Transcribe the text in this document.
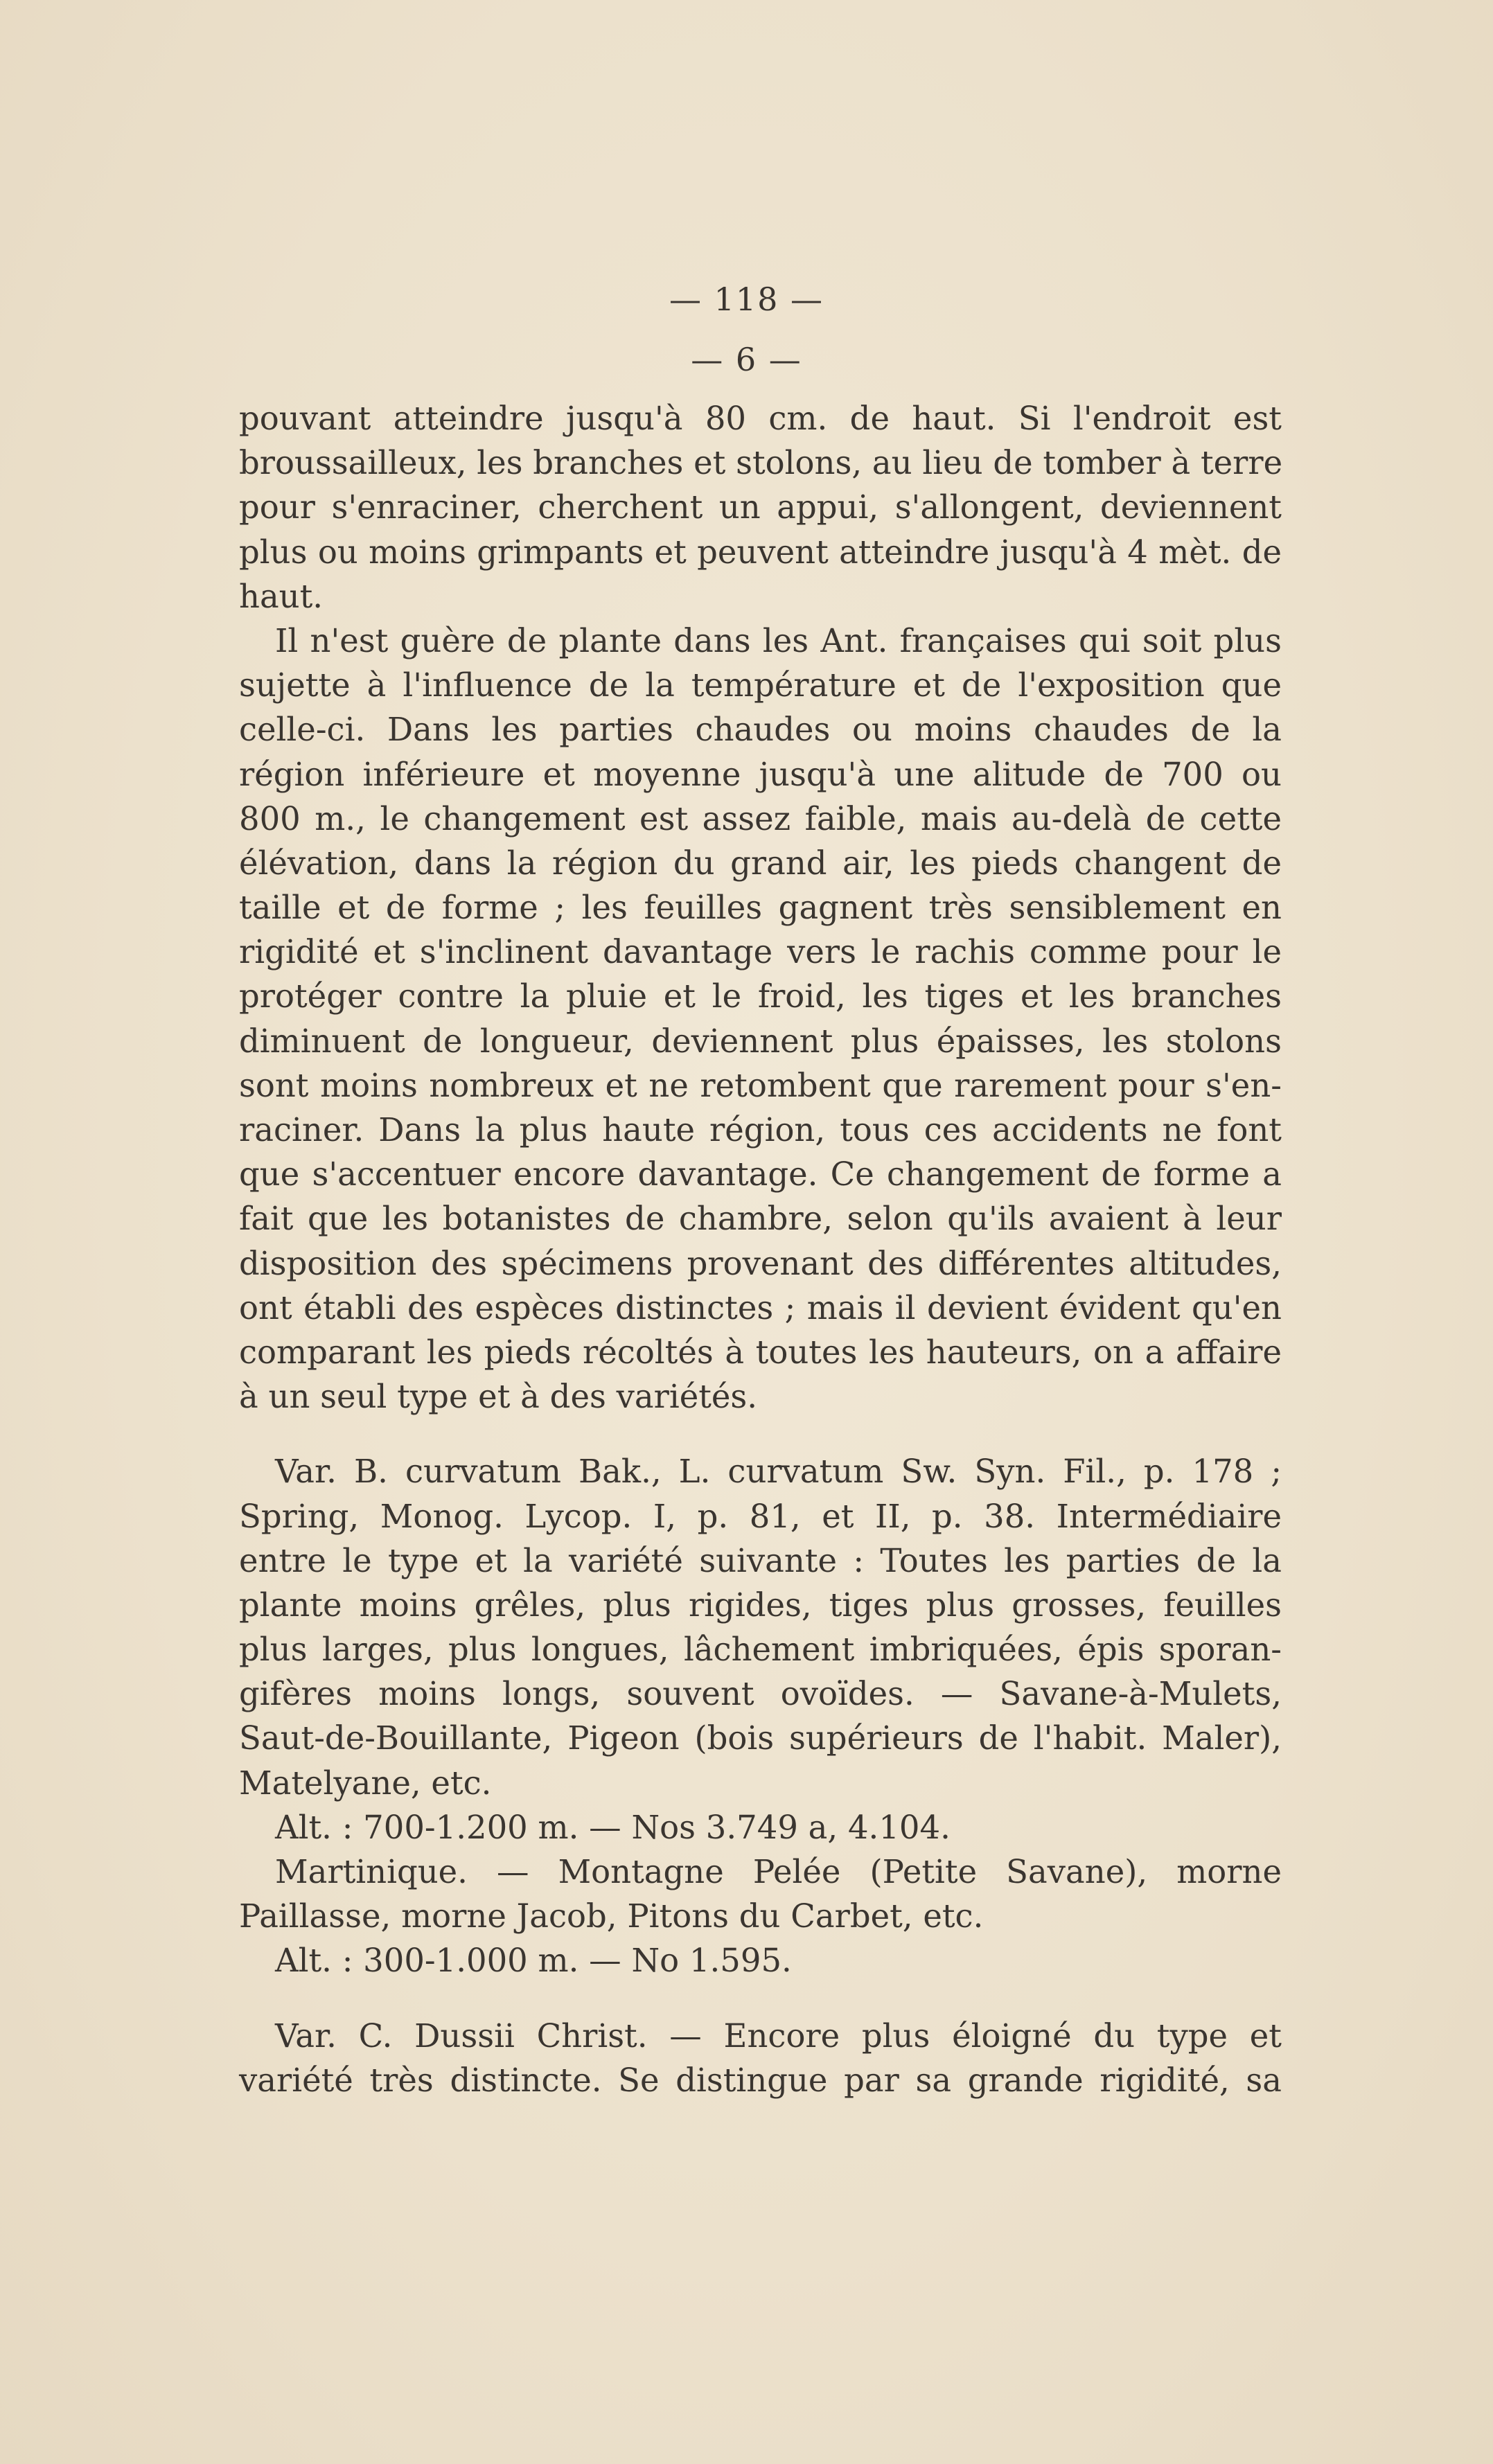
— 118 —
— 6 —
pouvant atteindre jusqu'à 80 cm. de haut. Si l'endroit est
broussailleux, les branches et stolons, au lieu de tomber à terre
pour s'enraciner, cherchent un appui, s'allongent, deviennent
plus ou moins grimpants et peuvent atteindre jusqu'à 4 mèt. de
haut.
Il n'est guère de plante dans les Ant. françaises qui soit plus
sujette à l'influence de la température et de l'exposition que
celle-ci. Dans les parties chaudes ou moins chaudes de la
région inférieure et moyenne jusqu'à une alitude de 700 ou
800 m., le changement est assez faible, mais au-delà de cette
élévation, dans la région du grand air, les pieds changent de
taille et de forme ; les feuilles gagnent très sensiblement en
rigidité et s'inclinent davantage vers le rachis comme pour le
protéger contre la pluie et le froid, les tiges et les branches
diminuent de longueur, deviennent plus épaisses, les stolons
sont moins nombreux et ne retombent que rarement pour s'en-
raciner. Dans la plus haute région, tous ces accidents ne font
que s'accentuer encore davantage. Ce changement de forme a
fait que les botanistes de chambre, selon qu'ils avaient à leur
disposition des spécimens provenant des différentes altitudes,
ont établi des espèces distinctes ; mais il devient évident qu'en
comparant les pieds récoltés à toutes les hauteurs, on a affaire
à un seul type et à des variétés.
Var. B. curvatum Bak., L. curvatum Sw. Syn. Fil., p. 178 ;
Spring, Monog. Lycop. I, p. 81, et II, p. 38. Intermédiaire
entre le type et la variété suivante : Toutes les parties de la
plante moins grêles, plus rigides, tiges plus grosses, feuilles
plus larges, plus longues, lâchement imbriquées, épis sporan-
gifères moins longs, souvent ovoïdes. — Savane-à-Mulets,
Saut-de-Bouillante, Pigeon (bois supérieurs de l'habit. Maler),
Matelyane, etc.
Alt. : 700-1.200 m. — Nos 3.749 a, 4.104.
Martinique. — Montagne Pelée (Petite Savane), morne
Paillasse, morne Jacob, Pitons du Carbet, etc.
Alt. : 300-1.000 m. — No 1.595.
Var. C. Dussii Christ. — Encore plus éloigné du type et
variété très distincte. Se distingue par sa grande rigidité, sa
